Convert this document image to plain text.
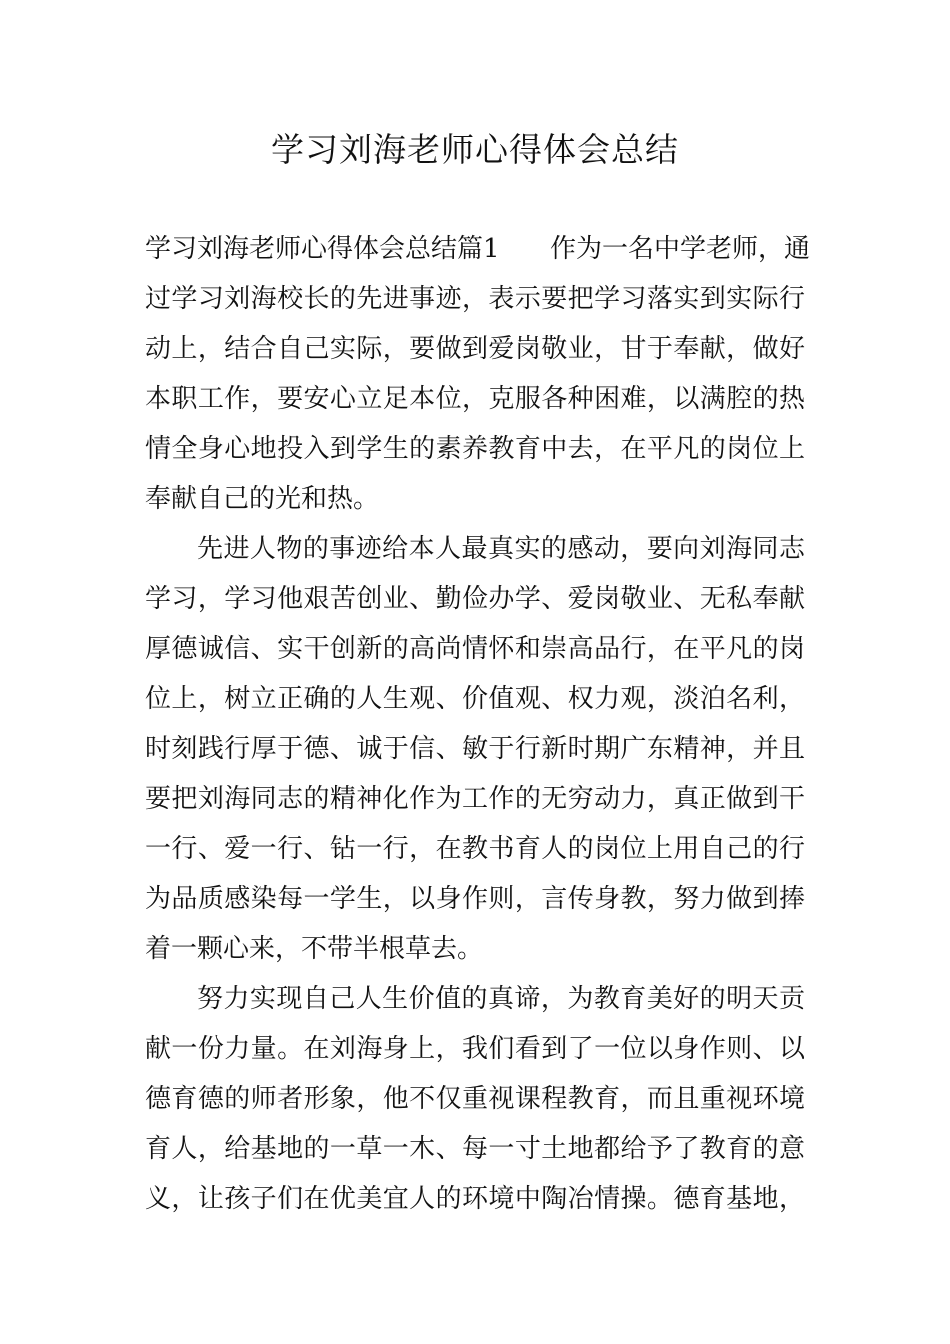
学习刘海老师心得体会总结
学习刘海老师心得体会总结篇1 作为一名中学老师，通

过学习刘海校长的先进事迹，表示要把学习落实到实际行

动上，结合自己实际，要做到爱岗敬业，甘于奉献，做好

本职工作，要安心立足本位，克服各种困难，以满腔的热

情全身心地投入到学生的素养教育中去，在平凡的岗位上

奉献自己的光和热。

先进人物的事迹给本人最真实的感动，要向刘海同志

学习，学习他艰苦创业、勤俭办学、爱岗敬业、无私奉献

厚德诚信、实干创新的高尚情怀和崇高品行，在平凡的岗

位上，树立正确的人生观、价值观、权力观，淡泊名利，

时刻践行厚于德、诚于信、敏于行新时期广东精神，并且

要把刘海同志的精神化作为工作的无穷动力，真正做到干

一行、爱一行、钻一行，在教书育人的岗位上用自己的行

为品质感染每一学生，以身作则，言传身教，努力做到捧

着一颗心来，不带半根草去。

努力实现自己人生价值的真谛，为教育美好的明天贡

献一份力量。在刘海身上，我们看到了一位以身作则、以

德育德的师者形象，他不仅重视课程教育，而且重视环境

育人，给基地的一草一木、每一寸土地都给予了教育的意

义，让孩子们在优美宜人的环境中陶冶情操。德育基地，
